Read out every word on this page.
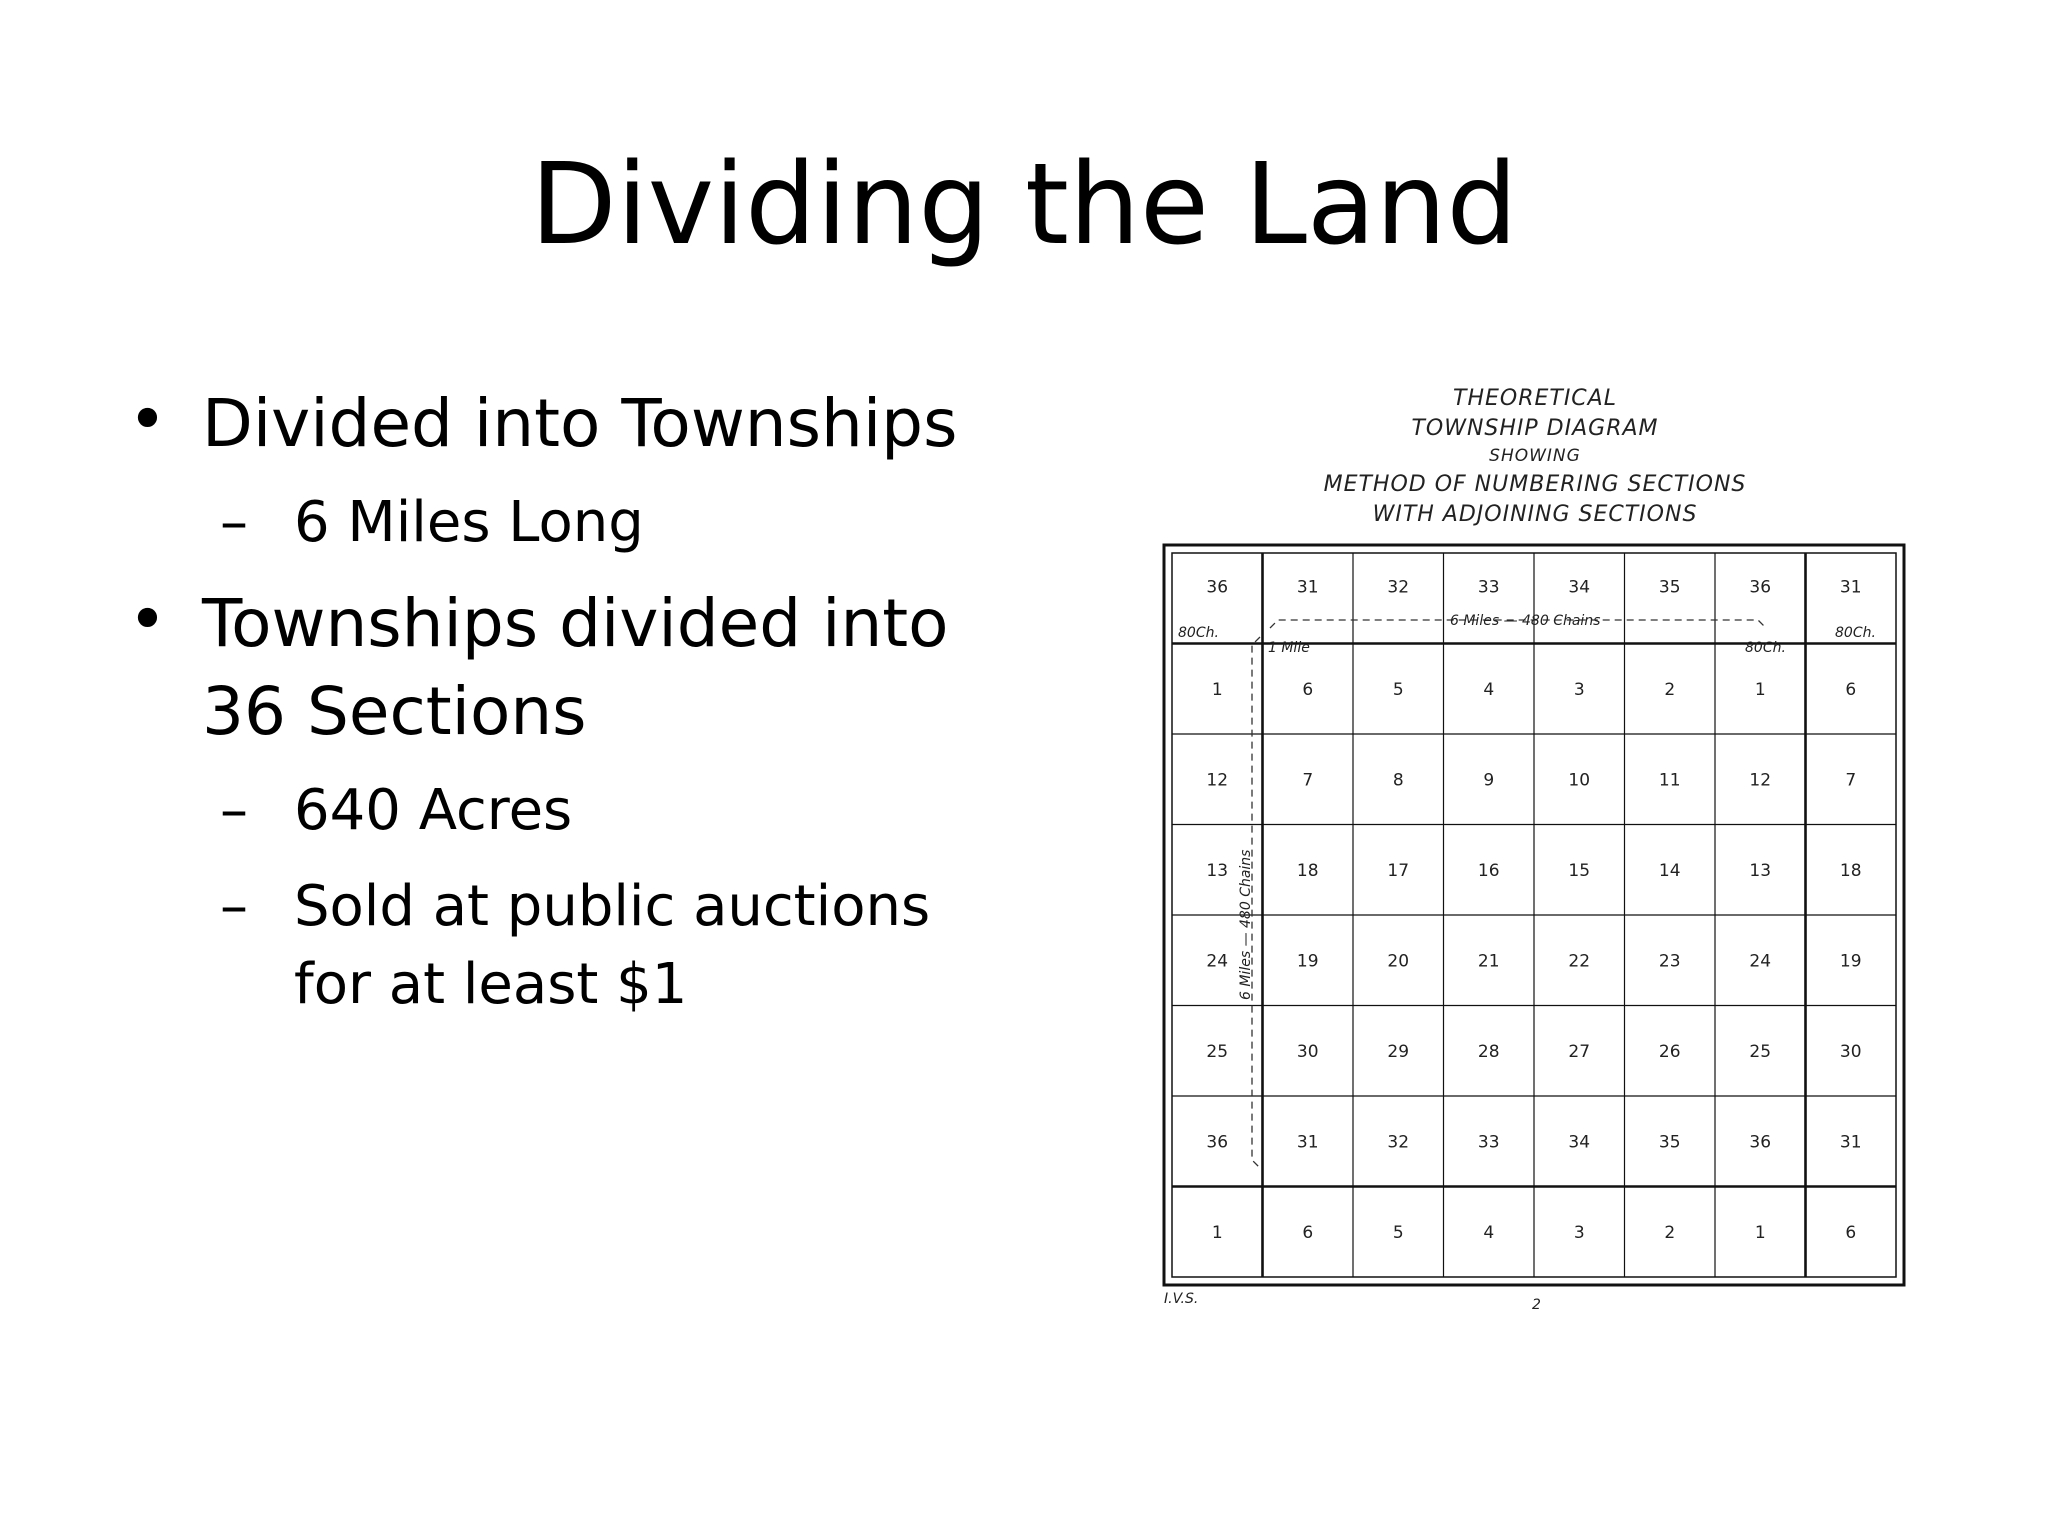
Dividing the Land
• Divided into Townships
– 6 Miles Long
• Townships divided into
36 Sections
– 640 Acres
– Sold at public auctions
for at least $1
THEORETICAL
TOWNSHIP DIAGRAM
SHOWING
METHOD OF NUMBERING SECTIONS
WITH ADJOINING SECTIONS
36	31	32	33	34	35	36	31
1	6	5	4	3	2	1	6
12	7	8	9	10	11	12	7
13	18	17	16	15	14	13	18
24	19	20	21	22	23	24	19
25	30	29	28	27	26	25	30
36	31	32	33	34	35	36	31
1	6	5	4	3	2	1	6
80Ch.	80Ch.
80Ch.
1 Mile
6 Miles — 480 Chains
6 Miles — 480 Chains
I.V.S.	2
